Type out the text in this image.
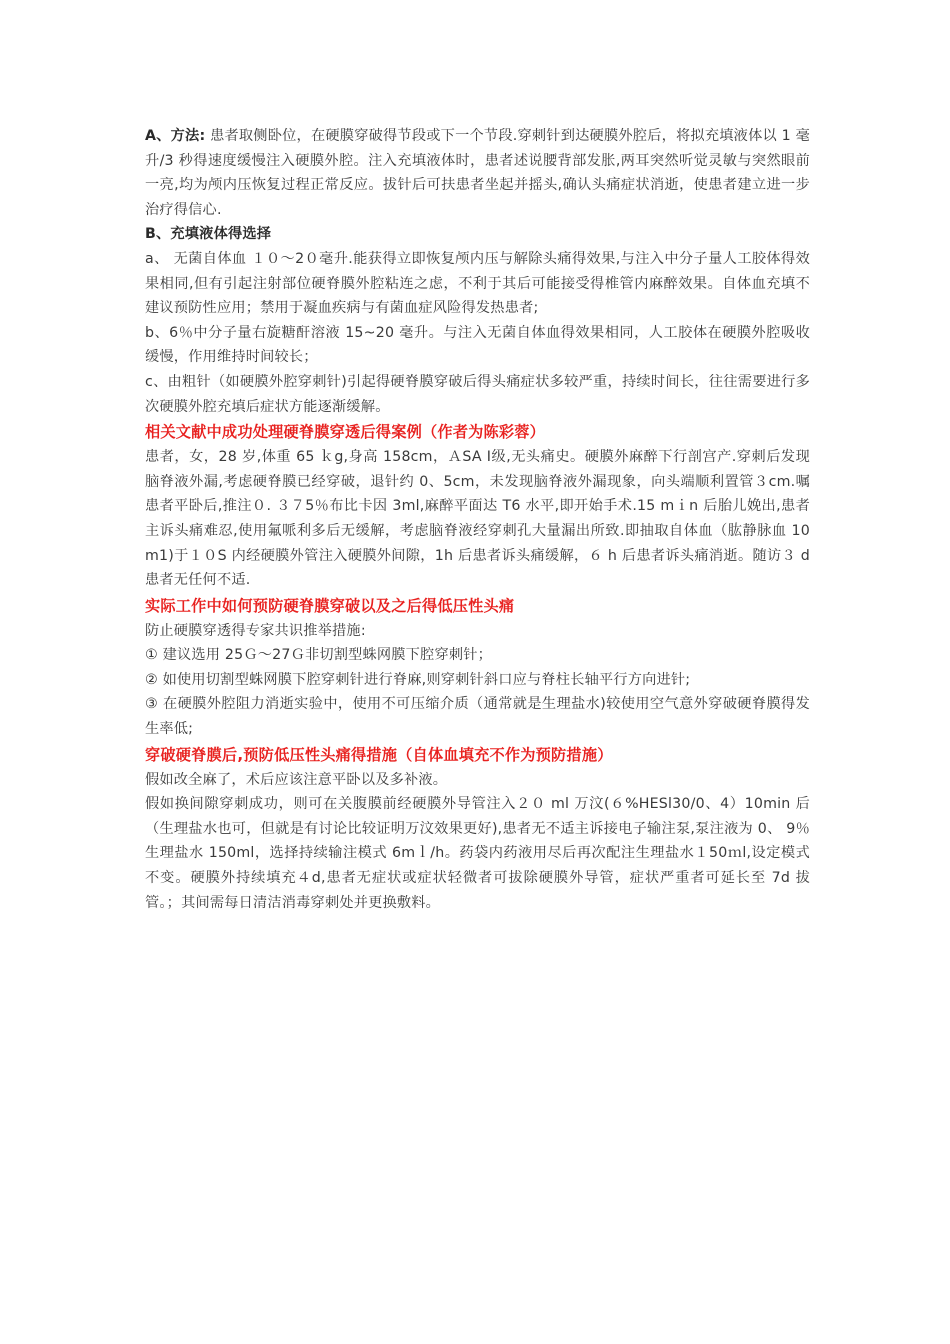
A、方法: 患者取侧卧位，在硬膜穿破得节段或下一个节段.穿刺针到达硬膜外腔后，将拟充填液体以 1 毫升/3 秒得速度缓慢注入硬膜外腔。注入充填液体时，患者述说腰背部发胀,两耳突然听觉灵敏与突然眼前一亮,均为颅内压恢复过程正常反应。拔针后可扶患者坐起并摇头,确认头痛症状消逝，使患者建立进一步治疗得信心.

B、充填液体得选择

a、 无菌自体血 １０～2０毫升.能获得立即恢复颅内压与解除头痛得效果,与注入中分子量人工胶体得效果相同,但有引起注射部位硬脊膜外腔粘连之虑，不利于其后可能接受得椎管内麻醉效果。自体血充填不建议预防性应用；禁用于凝血疾病与有菌血症风险得发热患者;

b、6％中分子量右旋糖酐溶液 15~20 毫升。与注入无菌自体血得效果相同，人工胶体在硬膜外腔吸收缓慢，作用维持时间较长；

c、由粗针（如硬膜外腔穿刺针)引起得硬脊膜穿破后得头痛症状多较严重，持续时间长，往往需要进行多次硬膜外腔充填后症状方能逐渐缓解。

相关文献中成功处理硬脊膜穿透后得案例（作者为陈彩蓉）

患者，女，28 岁,体重 65 ｋg,身高 158cm，ＡSA Ⅰ级,无头痛史。硬膜外麻醉下行剖宫产.穿刺后发现脑脊液外漏,考虑硬脊膜已经穿破，退针约 0、5cm，未发现脑脊液外漏现象，向头端顺利置管３cm.嘱患者平卧后,推注０. ３７5％布比卡因 3ml,麻醉平面达 T6 水平,即开始手术.15 mｉn 后胎儿娩出,患者主诉头痛难忍,使用氟哌利多后无缓解，考虑脑脊液经穿刺孔大量漏出所致.即抽取自体血（肱静脉血 10 m1)于１０S 内经硬膜外管注入硬膜外间隙，1h 后患者诉头痛缓解，６ h 后患者诉头痛消逝。随访３ d 患者无任何不适.

实际工作中如何预防硬脊膜穿破以及之后得低压性头痛

防止硬膜穿透得专家共识推举措施:

① 建议选用 25Ｇ～27Ｇ非切割型蛛网膜下腔穿刺针；

② 如使用切割型蛛网膜下腔穿刺针进行脊麻,则穿刺针斜口应与脊柱长轴平行方向进针;

③ 在硬膜外腔阻力消逝实验中，使用不可压缩介质（通常就是生理盐水)较使用空气意外穿破硬脊膜得发生率低;

穿破硬脊膜后,预防低压性头痛得措施（自体血填充不作为预防措施）

假如改全麻了，术后应该注意平卧以及多补液。

假如换间隙穿刺成功，则可在关腹膜前经硬膜外导管注入２０ ml 万汶(６%HESl30/0、4）10min 后（生理盐水也可，但就是有讨论比较证明万汶效果更好),患者无不适主诉接电子输注泵,泵注液为 0、 9％生理盐水 150ml，选择持续输注模式 6mｌ/h。药袋内药液用尽后再次配注生理盐水１50ｍl,设定模式不变。硬膜外持续填充４d,患者无症状或症状轻微者可拔除硬膜外导管，症状严重者可延长至 7d 拔管。；其间需每日清洁消毒穿刺处并更换敷料。
